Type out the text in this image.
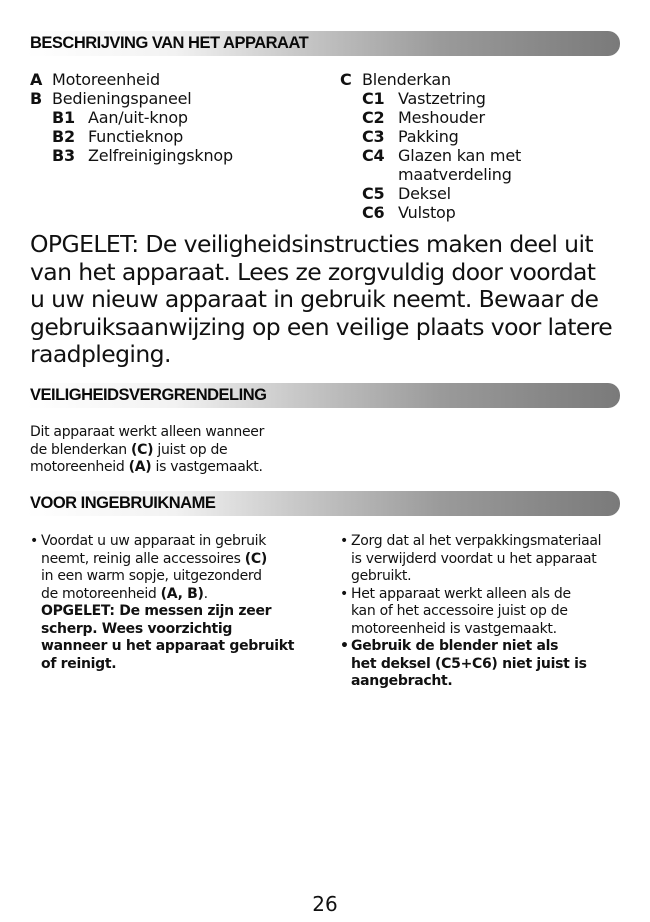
BESCHRIJVING VAN HET APPARAAT
A Motoreenheid
B Bedieningspaneel
B1 Aan/uit-knop
B2 Functieknop
B3 Zelfreinigingsknop
C Blenderkan
C1 Vastzetring
C2 Meshouder
C3 Pakking
C4 Glazen kan met
maatverdeling
C5 Deksel
C6 Vulstop
OPGELET: De veiligheidsinstructies maken deel uit
van het apparaat. Lees ze zorgvuldig door voordat
u uw nieuw apparaat in gebruik neemt. Bewaar de
gebruiksaanwijzing op een veilige plaats voor latere
raadpleging.
VEILIGHEIDSVERGRENDELING
Dit apparaat werkt alleen wanneer
de blenderkan (C) juist op de
motoreenheid (A) is vastgemaakt.
VOOR INGEBRUIKNAME
• Voordat u uw apparaat in gebruik
neemt, reinig alle accessoires (C)
in een warm sopje, uitgezonderd
de motoreenheid (A, B).
OPGELET: De messen zijn zeer
scherp. Wees voorzichtig
wanneer u het apparaat gebruikt
of reinigt.
• Zorg dat al het verpakkingsmateriaal
is verwijderd voordat u het apparaat
gebruikt.
• Het apparaat werkt alleen als de
kan of het accessoire juist op de
motoreenheid is vastgemaakt.
• Gebruik de blender niet als
het deksel (C5+C6) niet juist is
aangebracht.
26
